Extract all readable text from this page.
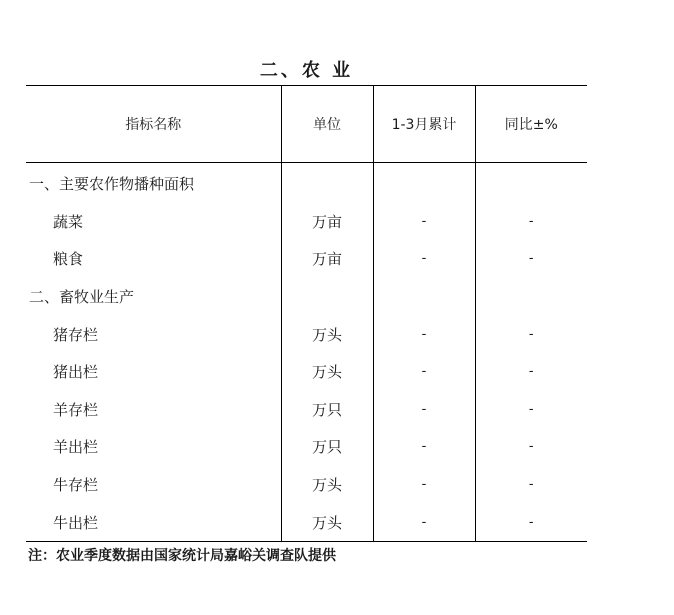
二、农 业
指标名称	单位	1-3月累计	同比±%
一、主要农作物播种面积			
蔬菜	万亩	-	-
粮食	万亩	-	-
二、畜牧业生产			
猪存栏	万头	-	-
猪出栏	万头	-	-
羊存栏	万只	-	-
羊出栏	万只	-	-
牛存栏	万头	-	-
牛出栏	万头	-	-
注：农业季度数据由国家统计局嘉峪关调查队提供
